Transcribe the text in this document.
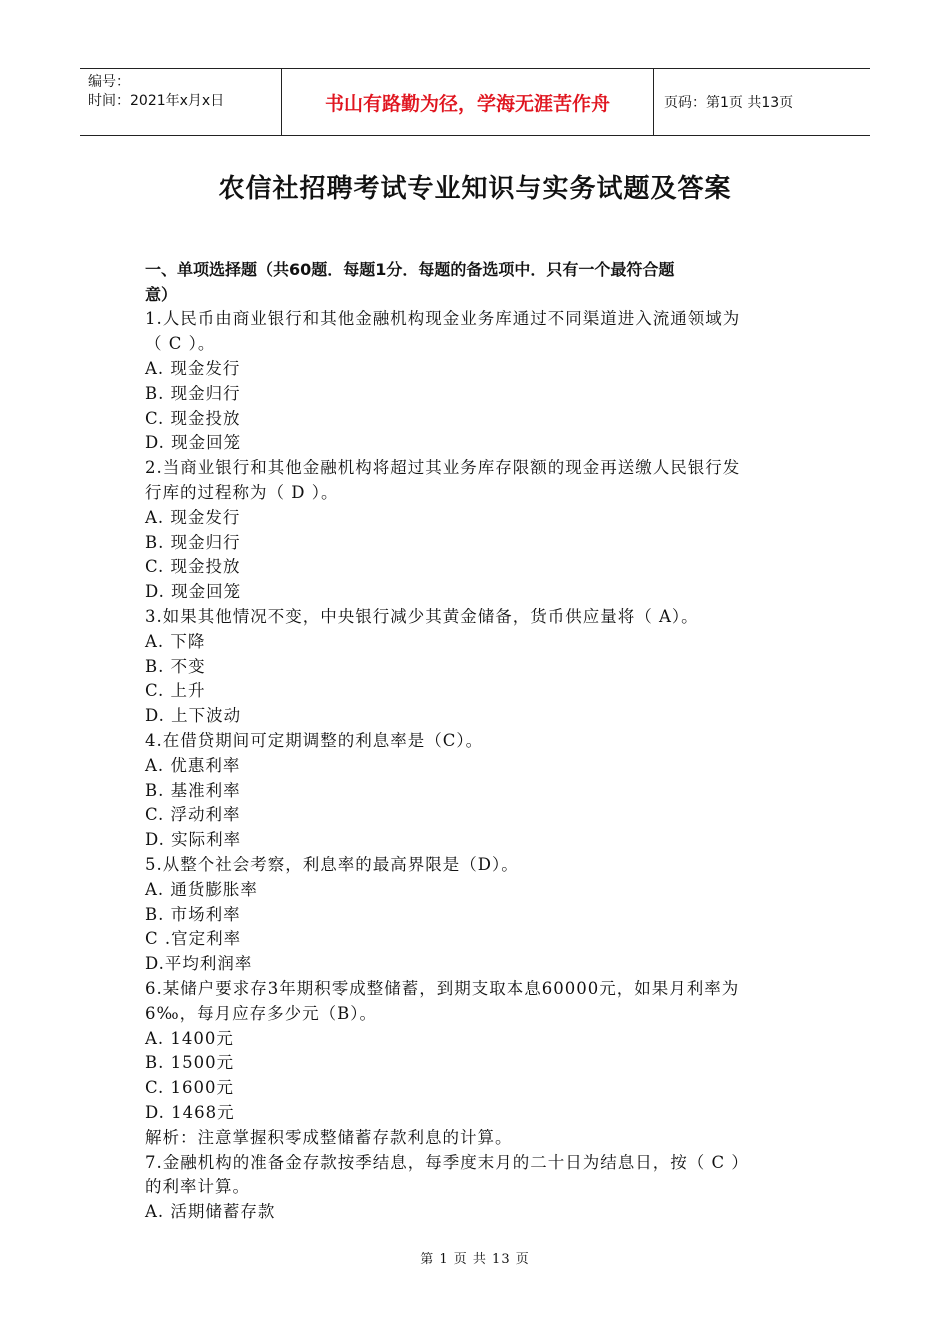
编号：
时间：2021年x月x日	书山有路勤为径，学海无涯苦作舟	页码：第1页 共13页
农信社招聘考试专业知识与实务试题及答案

一、单项选择题（共60题．每题1分．每题的备选项中．只有一个最符合题

意）

1.人民币由商业银行和其他金融机构现金业务库通过不同渠道进入流通领域为

（ C ）。

A. 现金发行

B. 现金归行

C. 现金投放

D. 现金回笼

2.当商业银行和其他金融机构将超过其业务库存限额的现金再送缴人民银行发

行库的过程称为（ D ）。

A. 现金发行

B. 现金归行

C. 现金投放

D. 现金回笼

3.如果其他情况不变，中央银行减少其黄金储备，货币供应量将（ A）。

A. 下降

B. 不变

C. 上升

D. 上下波动

4.在借贷期间可定期调整的利息率是（C）。

A. 优惠利率

B. 基准利率

C. 浮动利率

D. 实际利率

5.从整个社会考察，利息率的最高界限是（D）。

A. 通货膨胀率

B. 市场利率

C .官定利率

D.平均利润率

6.某储户要求存3年期积零成整储蓄，到期支取本息60000元，如果月利率为

6‰，每月应存多少元（B）。

A. 1400元

B. 1500元

C. 1600元

D. 1468元

解析：注意掌握积零成整储蓄存款利息的计算。

7.金融机构的准备金存款按季结息，每季度末月的二十日为结息日，按（ C ）

的利率计算。

A. 活期储蓄存款

第 1 页 共 13 页
